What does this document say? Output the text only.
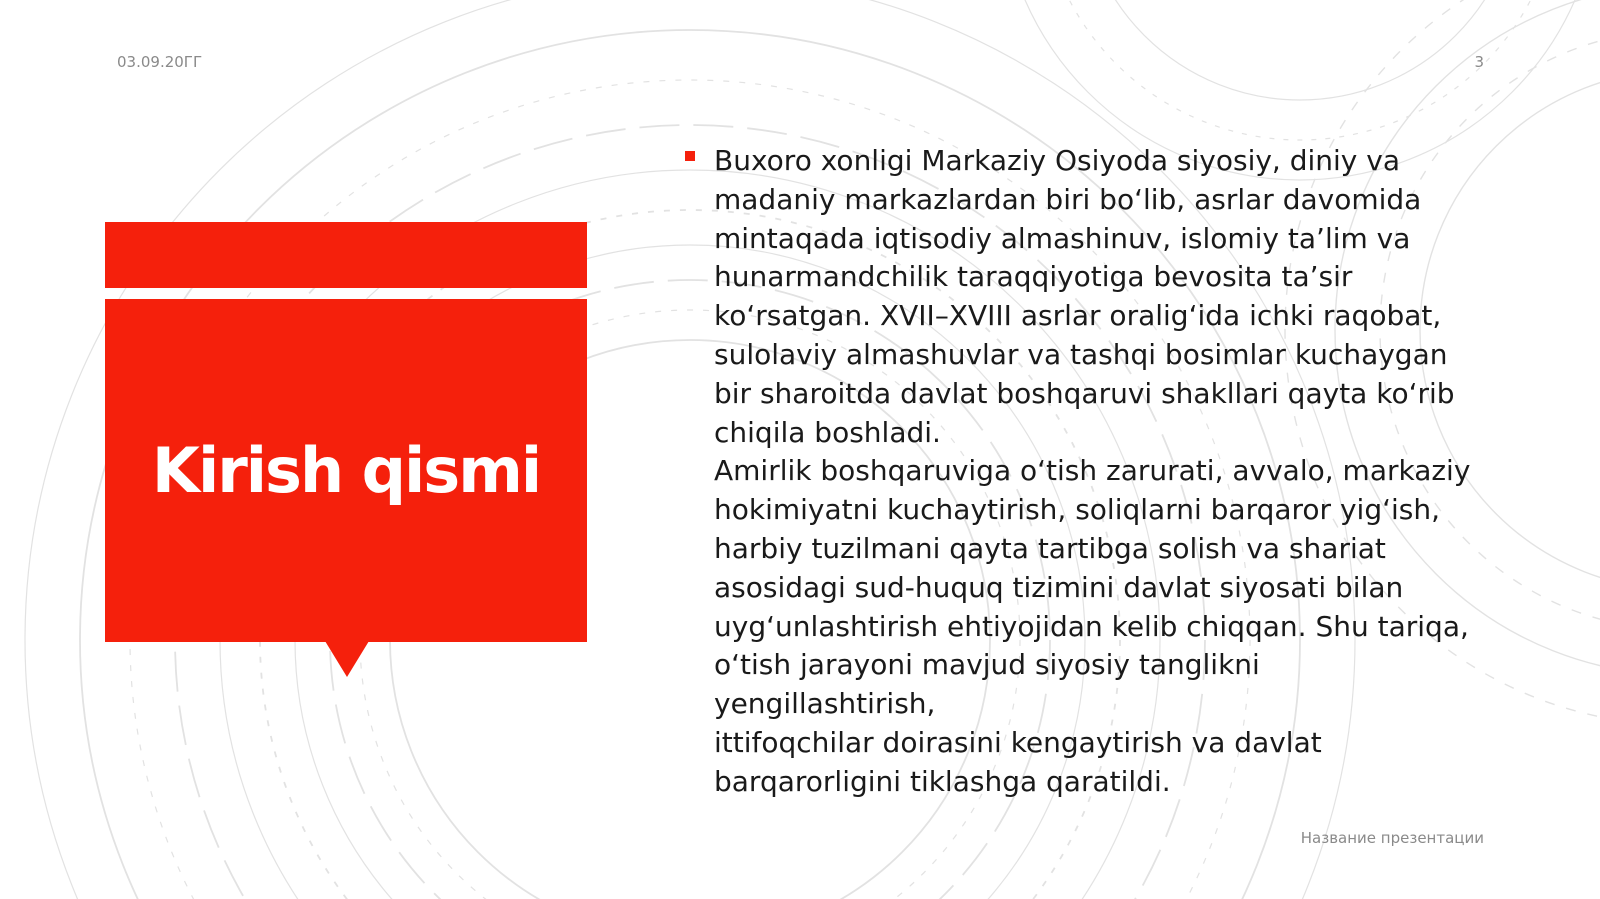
03.09.20ГГ	3
Kirish qismi

Buxoro xonligi Markaziy Osiyoda siyosiy, diniy va
madaniy markazlardan biri bo‘lib, asrlar davomida
mintaqada iqtisodiy almashinuv, islomiy ta’lim va
hunarmandchilik taraqqiyotiga bevosita ta’sir
ko‘rsatgan. XVII–XVIII asrlar oralig‘ida ichki raqobat,
sulolaviy almashuvlar va tashqi bosimlar kuchaygan
bir sharoitda davlat boshqaruvi shakllari qayta ko‘rib
chiqila boshladi.

Amirlik boshqaruviga o‘tish zarurati, avvalo, markaziy
hokimiyatni kuchaytirish, soliqlarni barqaror yig‘ish,
harbiy tuzilmani qayta tartibga solish va shariat
asosidagi sud-huquq tizimini davlat siyosati bilan
uyg‘unlashtirish ehtiyojidan kelib chiqqan. Shu tariqa,
o‘tish jarayoni mavjud siyosiy tanglikni yengillashtirish,
ittifoqchilar doirasini kengaytirish va davlat
barqarorligini tiklashga qaratildi.

Название презентации
